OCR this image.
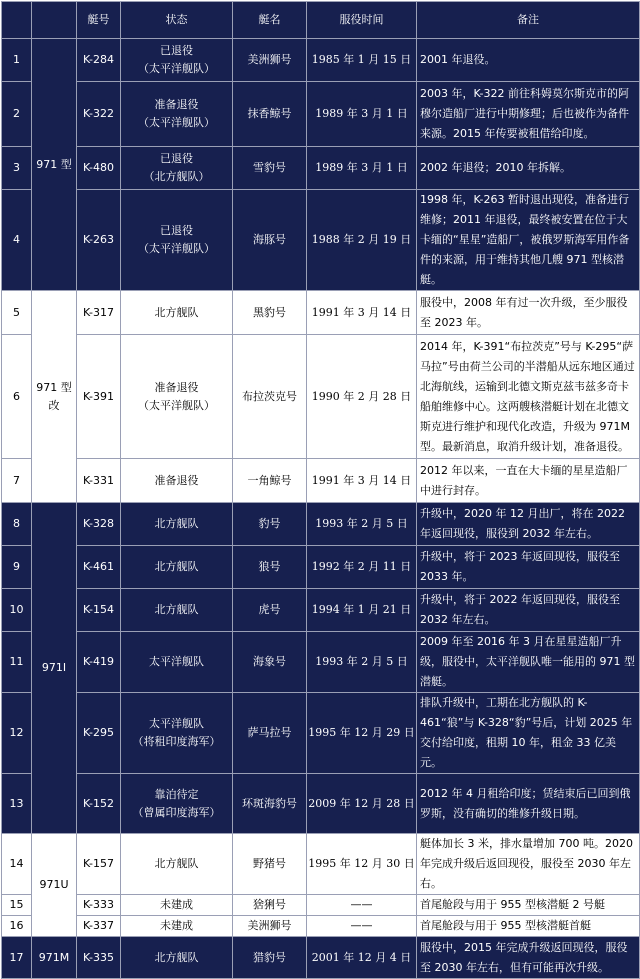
		艇号	状态	艇名	服役时间	备注
1	971 型	K-284	已退役
（太平洋舰队）	美洲狮号	1985 年 1 月 15 日	2001 年退役。
2		K-322	准备退役
（太平洋舰队）	抹香鲸号	1989 年 3 月 1 日	2003 年，K-322 前往科姆莫尔斯克市的阿穆尔造船厂进行中期修理；后也被作为备件来源。2015 年传要被租借给印度。
3		K-480	已退役
（北方舰队）	雪豹号	1989 年 3 月 1 日	2002 年退役；2010 年拆解。
4		K-263	已退役
（太平洋舰队）	海豚号	1988 年 2 月 19 日	1998 年，K-263 暂时退出现役，准备进行维修；2011 年退役，最终被安置在位于大卡缅的“星星”造船厂，被俄罗斯海军用作备件的来源，用于维持其他几艘 971 型核潜艇。
5	971 型改	K-317	北方舰队	黑豹号	1991 年 3 月 14 日	服役中，2008 年有过一次升级，至少服役至 2023 年。
6		K-391	准备退役
（太平洋舰队）	布拉茨克号	1990 年 2 月 28 日	2014 年，K-391“布拉茨克”号与 K-295“萨马拉”号由荷兰公司的半潜船从远东地区通过北海航线，运输到北德文斯克兹韦兹多奇卡船舶维修中心。这两艘核潜艇计划在北德文斯克进行维护和现代化改造，升级为 971M 型。最新消息，取消升级计划，准备退役。
7		K-331	准备退役	一角鲸号	1991 年 3 月 14 日	2012 年以来，一直在大卡缅的星星造船厂中进行封存。
8	971I	K-328	北方舰队	豹号	1993 年 2 月 5 日	升级中，2020 年 12 月出厂，将在 2022 年返回现役，服役到 2032 年左右。
9		K-461	北方舰队	狼号	1992 年 2 月 11 日	升级中，将于 2023 年返回现役，服役至 2033 年。
10		K-154	北方舰队	虎号	1994 年 1 月 21 日	升级中，将于 2022 年返回现役，服役至 2032 年左右。
11		K-419	太平洋舰队	海象号	1993 年 2 月 5 日	2009 年至 2016 年 3 月在星星造船厂升级，服役中，太平洋舰队唯一能用的 971 型潜艇。
12		K-295	太平洋舰队
（将租印度海军）	萨马拉号	1995 年 12 月 29 日	排队升级中，工期在北方舰队的 K-461“狼”与 K-328“豹”号后，计划 2025 年交付给印度，租期 10 年，租金 33 亿美元。
13		K-152	靠泊待定
（曾属印度海军）	环斑海豹号	2009 年 12 月 28 日	2012 年 4 月租给印度；赁结束后已回到俄罗斯，没有确切的维修升级日期。
14	971U	K-157	北方舰队	野猪号	1995 年 12 月 30 日	艇体加长 3 米，排水量增加 700 吨。2020 年完成升级后返回现役，服役至 2030 年左右。
15		K-333	未建成	猞猁号	——	首尾舱段与用于 955 型核潜艇 2 号艇
16		K-337	未建成	美洲狮号	——	首尾舱段与用于 955 型核潜艇首艇
17	971M	K-335	北方舰队	猎豹号	2001 年 12 月 4 日	服役中，2015 年完成升级返回现役，服役至 2030 年左右，但有可能再次升级。
